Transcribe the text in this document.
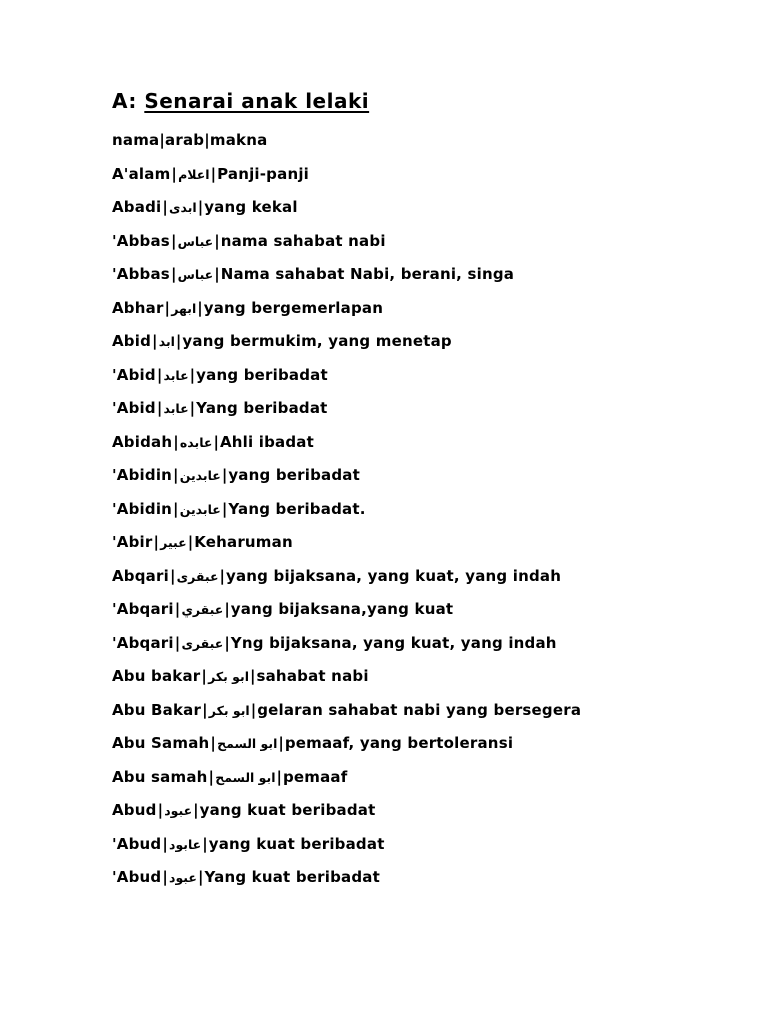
A: Senarai anak lelaki

nama|arab|makna

A'alam|اعلام|Panji-panji

Abadi|ابدى|yang kekal

'Abbas|عباس|nama sahabat nabi

'Abbas|عباس|Nama sahabat Nabi, berani, singa

Abhar|ابهر|yang bergemerlapan

Abid|ابد|yang bermukim, yang menetap

'Abid|عابد|yang beribadat

'Abid|عابد|Yang beribadat

Abidah|عابده|Ahli ibadat

'Abidin|عابدين|yang beribadat

'Abidin|عابدين|Yang beribadat.

'Abir|عبير|Keharuman

Abqari|عبقرى|yang bijaksana, yang kuat, yang indah

'Abqari|عبقري|yang bijaksana,yang kuat

'Abqari|عبقرى|Yng bijaksana, yang kuat, yang indah

Abu bakar|ابو بكر|sahabat nabi

Abu Bakar|ابو بكر|gelaran sahabat nabi yang bersegera

Abu Samah|ابو السمح|pemaaf, yang bertoleransi

Abu samah|ابو السمح|pemaaf

Abud|عبود|yang kuat beribadat

'Abud|عابود|yang kuat beribadat

'Abud|عبود|Yang kuat beribadat
